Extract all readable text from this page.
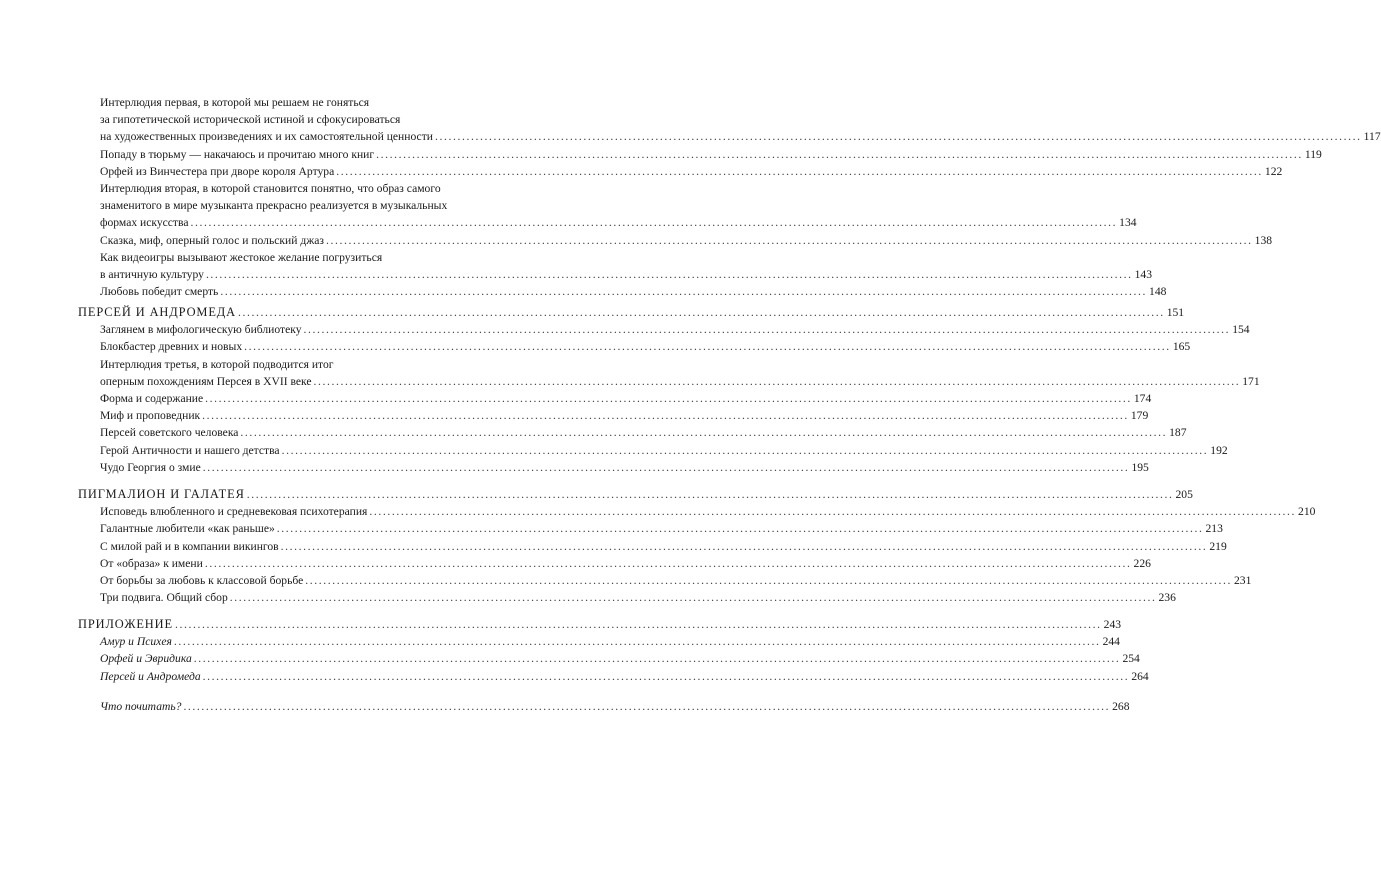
Интерлюдия первая, в которой мы решаем не гоняться
за гипотетической исторической истиной и сфокусироваться
на художественных произведениях и их самостоятельной ценности .....	117
Попаду в тюрьму — накачаюсь и прочитаю много книг .....	119
Орфей из Винчестера при дворе короля Артура .....	122
Интерлюдия вторая, в которой становится понятно, что образ самого
знаменитого в мире музыканта прекрасно реализуется в музыкальных
формах искусства .....	134
Сказка, миф, оперный голос и польский джаз .....	138
Как видеоигры вызывают жестокое желание погрузиться
в античную культуру .....	143
Любовь победит смерть .....	148
ПЕРСЕЙ И АНДРОМЕДА .....	151
Заглянем в мифологическую библиотеку .....	154
Блокбастер древних и новых .....	165
Интерлюдия третья, в которой подводится итог
оперным похождениям Персея в XVII веке .....	171
Форма и содержание .....	174
Миф и проповедник .....	179
Персей советского человека .....	187
Герой Античности и нашего детства .....	192
Чудо Георгия о змие .....	195
ПИГМАЛИОН И ГАЛАТЕЯ .....	205
Исповедь влюбленного и средневековая психотерапия .....	210
Галантные любители «как раньше» .....	213
С милой рай и в компании викингов .....	219
От «образа» к имени .....	226
От борьбы за любовь к классовой борьбе .....	231
Три подвига. Общий сбор .....	236
ПРИЛОЖЕНИЕ .....	243
Амур и Психея .....	244
Орфей и Эвридика .....	254
Персей и Андромеда .....	264
Что почитать? .....	268
